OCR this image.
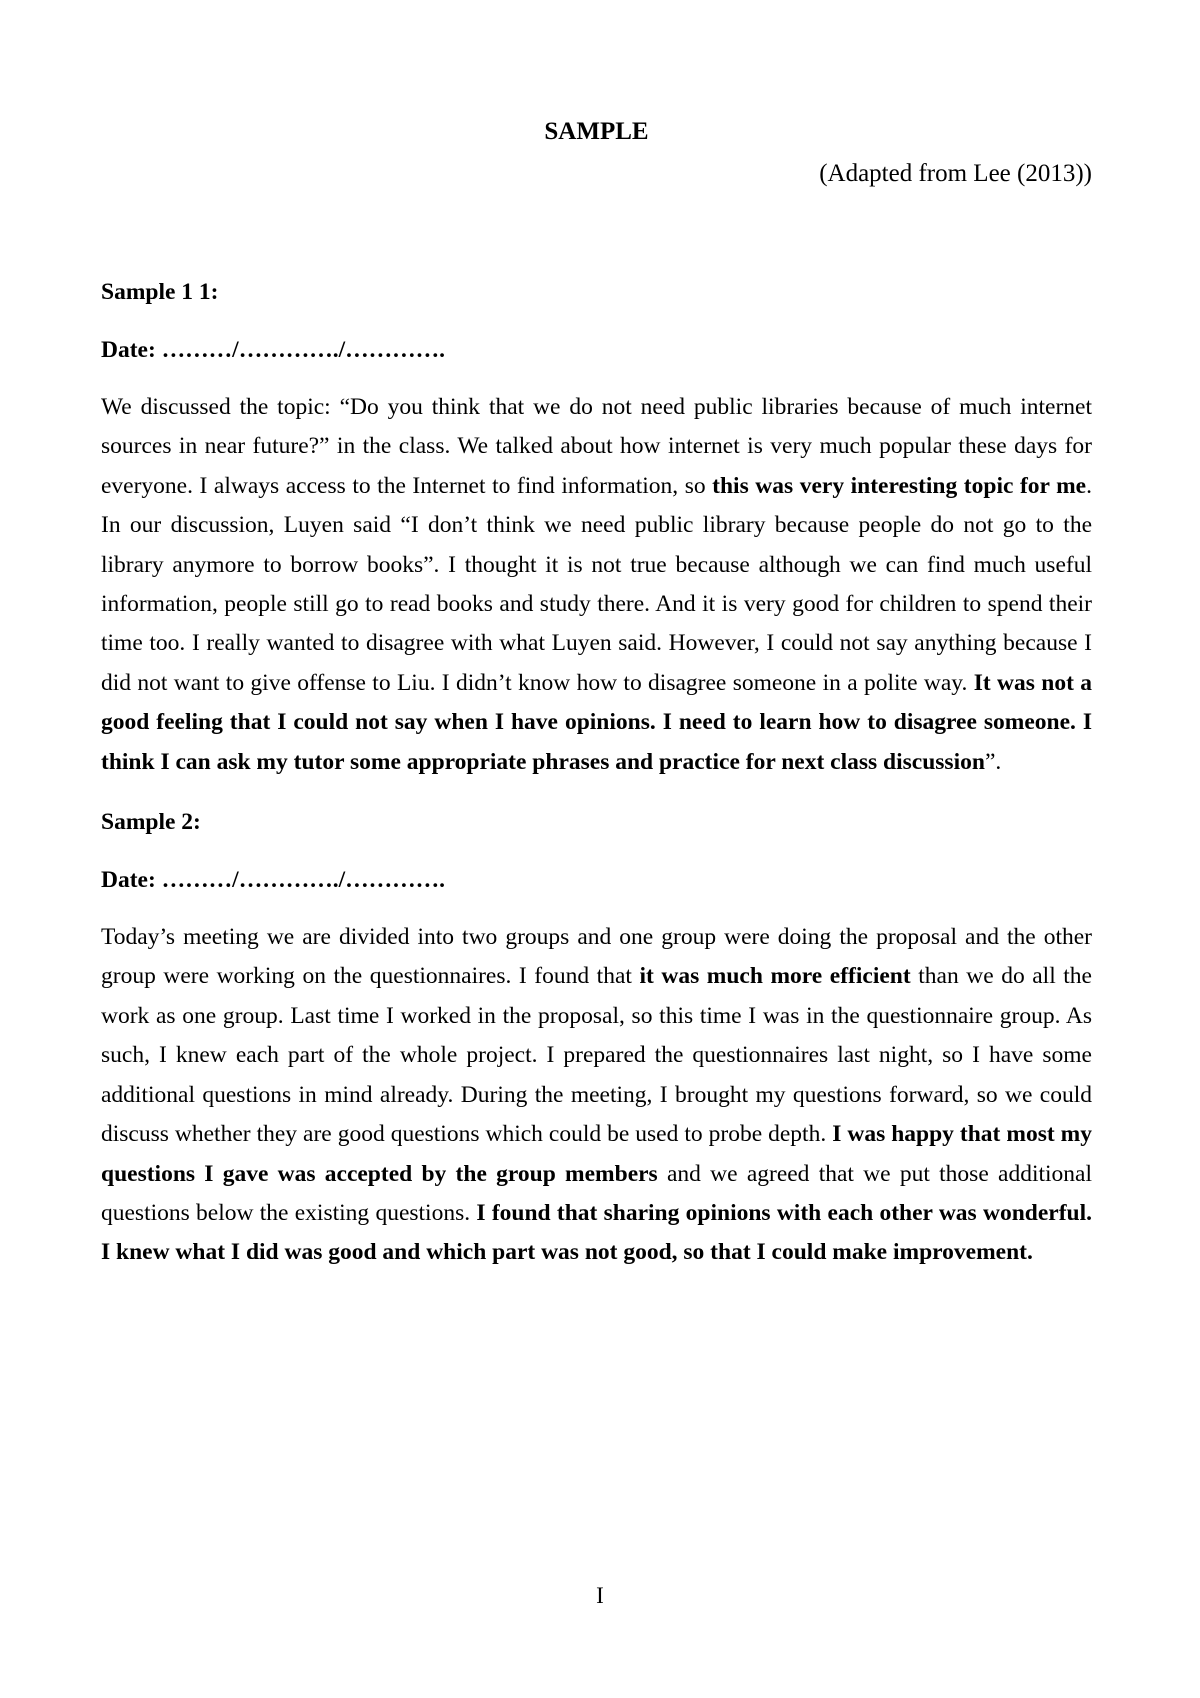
SAMPLE

(Adapted from Lee (2013))

Sample 1 1:

Date: ………/…………./………….

We discussed the topic: “Do you think that we do not need public libraries because of much internet sources in near future?” in the class. We talked about how internet is very much popular these days for everyone. I always access to the Internet to find information, so this was very interesting topic for me. In our discussion, Luyen said “I don’t think we need public library because people do not go to the library anymore to borrow books”. I thought it is not true because although we can find much useful information, people still go to read books and study there. And it is very good for children to spend their time too. I really wanted to disagree with what Luyen said. However, I could not say anything because I did not want to give offense to Liu. I didn’t know how to disagree someone in a polite way. It was not a good feeling that I could not say when I have opinions. I need to learn how to disagree someone. I think I can ask my tutor some appropriate phrases and practice for next class discussion”.

Sample 2:

Date: ………/…………./………….

Today’s meeting we are divided into two groups and one group were doing the proposal and the other group were working on the questionnaires. I found that it was much more efficient than we do all the work as one group. Last time I worked in the proposal, so this time I was in the questionnaire group. As such, I knew each part of the whole project. I prepared the questionnaires last night, so I have some additional questions in mind already. During the meeting, I brought my questions forward, so we could discuss whether they are good questions which could be used to probe depth. I was happy that most my questions I gave was accepted by the group members and we agreed that we put those additional questions below the existing questions. I found that sharing opinions with each other was wonderful. I knew what I did was good and which part was not good, so that I could make improvement.

I
